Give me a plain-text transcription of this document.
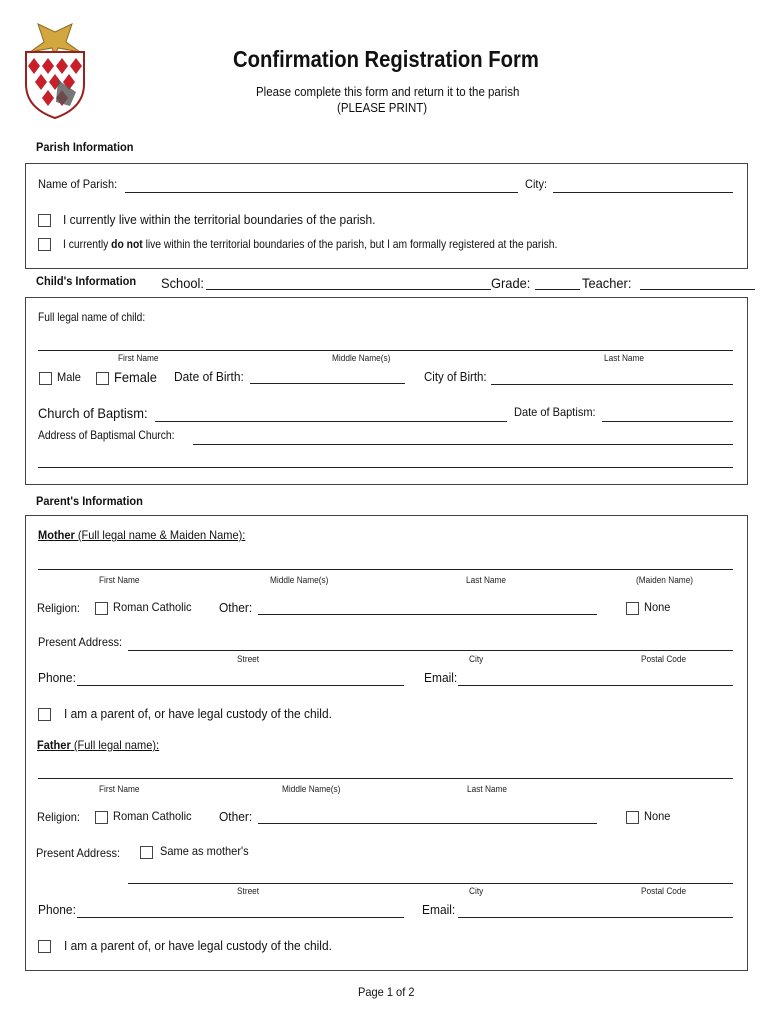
Confirmation Registration Form
Please complete this form and return it to the parish
(PLEASE PRINT)
Parish Information
Name of Parish:	City:
I currently live within the territorial boundaries of the parish.
I currently do not live within the territorial boundaries of the parish, but I am formally registered at the parish.
Child's Information School:	Grade:	Teacher:
Full legal name of child:
First Name	Middle Name(s)	Last Name
Male Female Date of Birth:	City of Birth:
Church of Baptism:	Date of Baptism:
Address of Baptismal Church:
Parent's Information
Mother (Full legal name & Maiden Name):
First Name	Middle Name(s)	Last Name	(Maiden Name)
Religion:	Roman Catholic Other:	None
Present Address:
Street	City	Postal Code
Phone:	Email:
I am a parent of, or have legal custody of the child.
Father (Full legal name):
First Name	Middle Name(s)	Last Name
Religion:	Roman Catholic Other:	None
Present Address:	Same as mother's
Street	City	Postal Code
Phone:	Email:
I am a parent of, or have legal custody of the child.
Page 1 of 2
